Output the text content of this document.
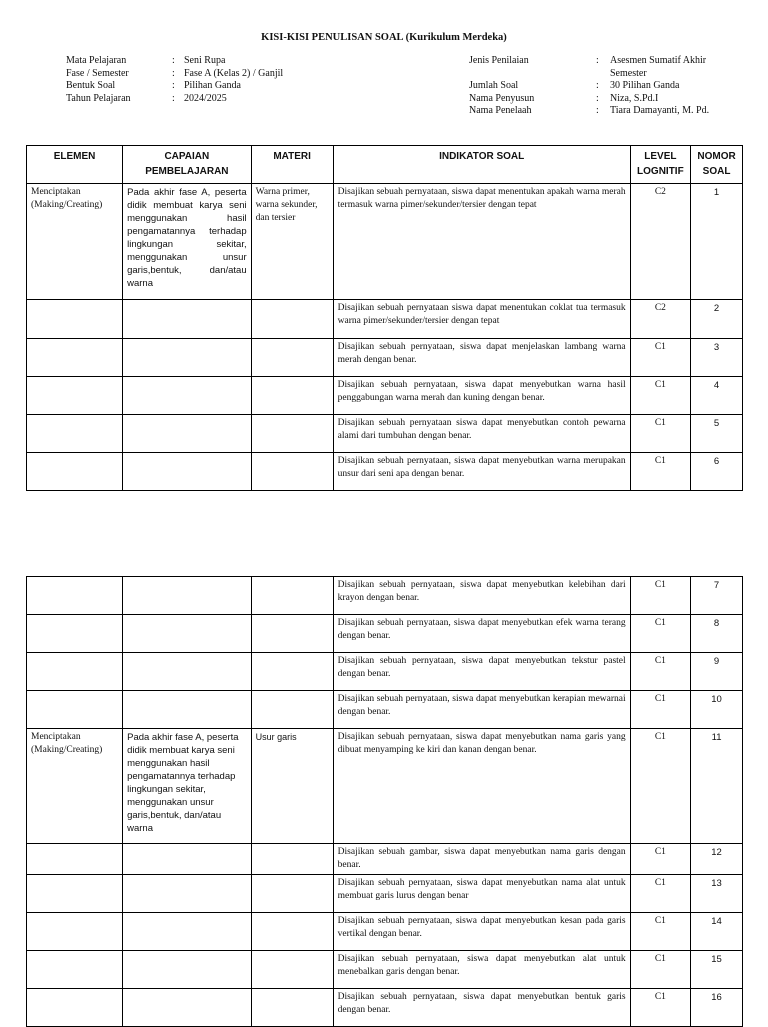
KISI-KISI PENULISAN SOAL (Kurikulum Merdeka)
Mata Pelajaran	: Seni Rupa
Fase / Semester	: Fase A (Kelas 2) / Ganjil
Bentuk Soal	: Pilihan Ganda
Tahun Pelajaran	: 2024/2025
Jenis Penilaian	:	Asesmen Sumatif Akhir Semester
Jumlah Soal	:	30 Pilihan Ganda
Nama Penyusun	:	Niza, S.Pd.I
Nama Penelaah	:	Tiara Damayanti, M. Pd.
ELEMEN	CAPAIAN PEMBELAJARAN	MATERI	INDIKATOR SOAL	LEVEL LOGNITIF	NOMOR SOAL
Menciptakan (Making/Creating)	Pada akhir fase A, peserta didik membuat karya seni menggunakan hasil pengamatannya terhadap lingkungan sekitar, menggunakan unsur garis,bentuk, dan/atau warna	Warna primer, warna sekunder, dan tersier	Disajikan sebuah pernyataan, siswa dapat menentukan apakah warna merah termasuk warna pimer/sekunder/tersier dengan tepat	C2	1
			Disajikan sebuah pernyataan siswa dapat menentukan coklat tua termasuk warna pimer/sekunder/tersier dengan tepat	C2	2
			Disajikan sebuah pernyataan, siswa dapat menjelaskan lambang warna merah dengan benar.	C1	3
			Disajikan sebuah pernyataan, siswa dapat menyebutkan warna hasil penggabungan warna merah dan kuning dengan benar.	C1	4
			Disajikan sebuah pernyataan siswa dapat menyebutkan contoh pewarna alami dari tumbuhan dengan benar.	C1	5
			Disajikan sebuah pernyataan, siswa dapat menyebutkan warna merupakan unsur dari seni apa dengan benar.	C1	6
			Disajikan sebuah pernyataan, siswa dapat menyebutkan kelebihan dari krayon dengan benar.	C1	7
			Disajikan sebuah pernyataan, siswa dapat menyebutkan efek warna terang dengan benar.	C1	8
			Disajikan sebuah pernyataan, siswa dapat menyebutkan tekstur pastel dengan benar.	C1	9
			Disajikan sebuah pernyataan, siswa dapat menyebutkan kerapian mewarnai dengan benar.	C1	10
Menciptakan (Making/Creating)	Pada akhir fase A, peserta didik membuat karya seni menggunakan hasil pengamatannya terhadap lingkungan sekitar, menggunakan unsur garis,bentuk, dan/atau warna	Usur garis	Disajikan sebuah pernyataan, siswa dapat menyebutkan nama garis yang dibuat menyamping ke kiri dan kanan dengan benar.	C1	11
			Disajikan sebuah gambar, siswa dapat menyebutkan nama garis dengan benar.	C1	12
			Disajikan sebuah pernyataan, siswa dapat menyebutkan nama alat untuk membuat garis lurus dengan benar	C1	13
			Disajikan sebuah pernyataan, siswa dapat menyebutkan kesan pada garis vertikal dengan benar.	C1	14
			Disajikan sebuah pernyataan, siswa dapat menyebutkan alat untuk menebalkan garis dengan benar.	C1	15
			Disajikan sebuah pernyataan, siswa dapat menyebutkan bentuk garis dengan benar.	C1	16
